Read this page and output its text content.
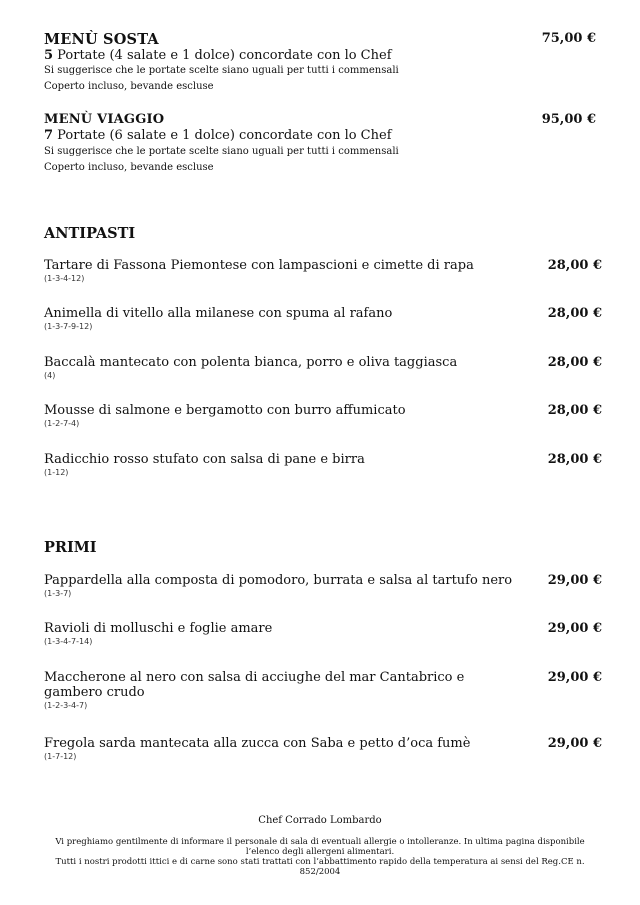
MENÙ SOSTA	75,00 €
5 Portate (4 salate e 1 dolce) concordate con lo Chef
Si suggerisce che le portate scelte siano uguali per tutti i commensali
Coperto incluso, bevande escluse
MENÙ VIAGGIO	95,00 €
7 Portate (6 salate e 1 dolce) concordate con lo Chef
Si suggerisce che le portate scelte siano uguali per tutti i commensali
Coperto incluso, bevande escluse
ANTIPASTI
Tartare di Fassona Piemontese con lampascioni e cimette di rapa
(1-3-4-12)
28,00 €
Animella di vitello alla milanese con spuma al rafano
(1-3-7-9-12)
28,00 €
Baccalà mantecato con polenta bianca, porro e oliva taggiasca
(4)
28,00 €
Mousse di salmone e bergamotto con burro affumicato
(1-2-7-4)
28,00 €
Radicchio rosso stufato con salsa di pane e birra
(1-12)
28,00 €
PRIMI
Pappardella alla composta di pomodoro, burrata e salsa al tartufo nero
(1-3-7)
29,00 €
Ravioli di molluschi e foglie amare
(1-3-4-7-14)
29,00 €
Maccherone al nero con salsa di acciughe del mar Cantabrico e gambero crudo
(1-2-3-4-7)
29,00 €
Fregola sarda mantecata alla zucca con Saba e petto d’oca fumè
(1-7-12)
29,00 €
Chef Corrado Lombardo
Vi preghiamo gentilmente di informare il personale di sala di eventuali allergie o intolleranze. In ultima pagina disponibile l’elenco degli allergeni alimentari.
Tutti i nostri prodotti ittici e di carne sono stati trattati con l’abbattimento rapido della temperatura ai sensi del Reg.CE n. 852/2004
